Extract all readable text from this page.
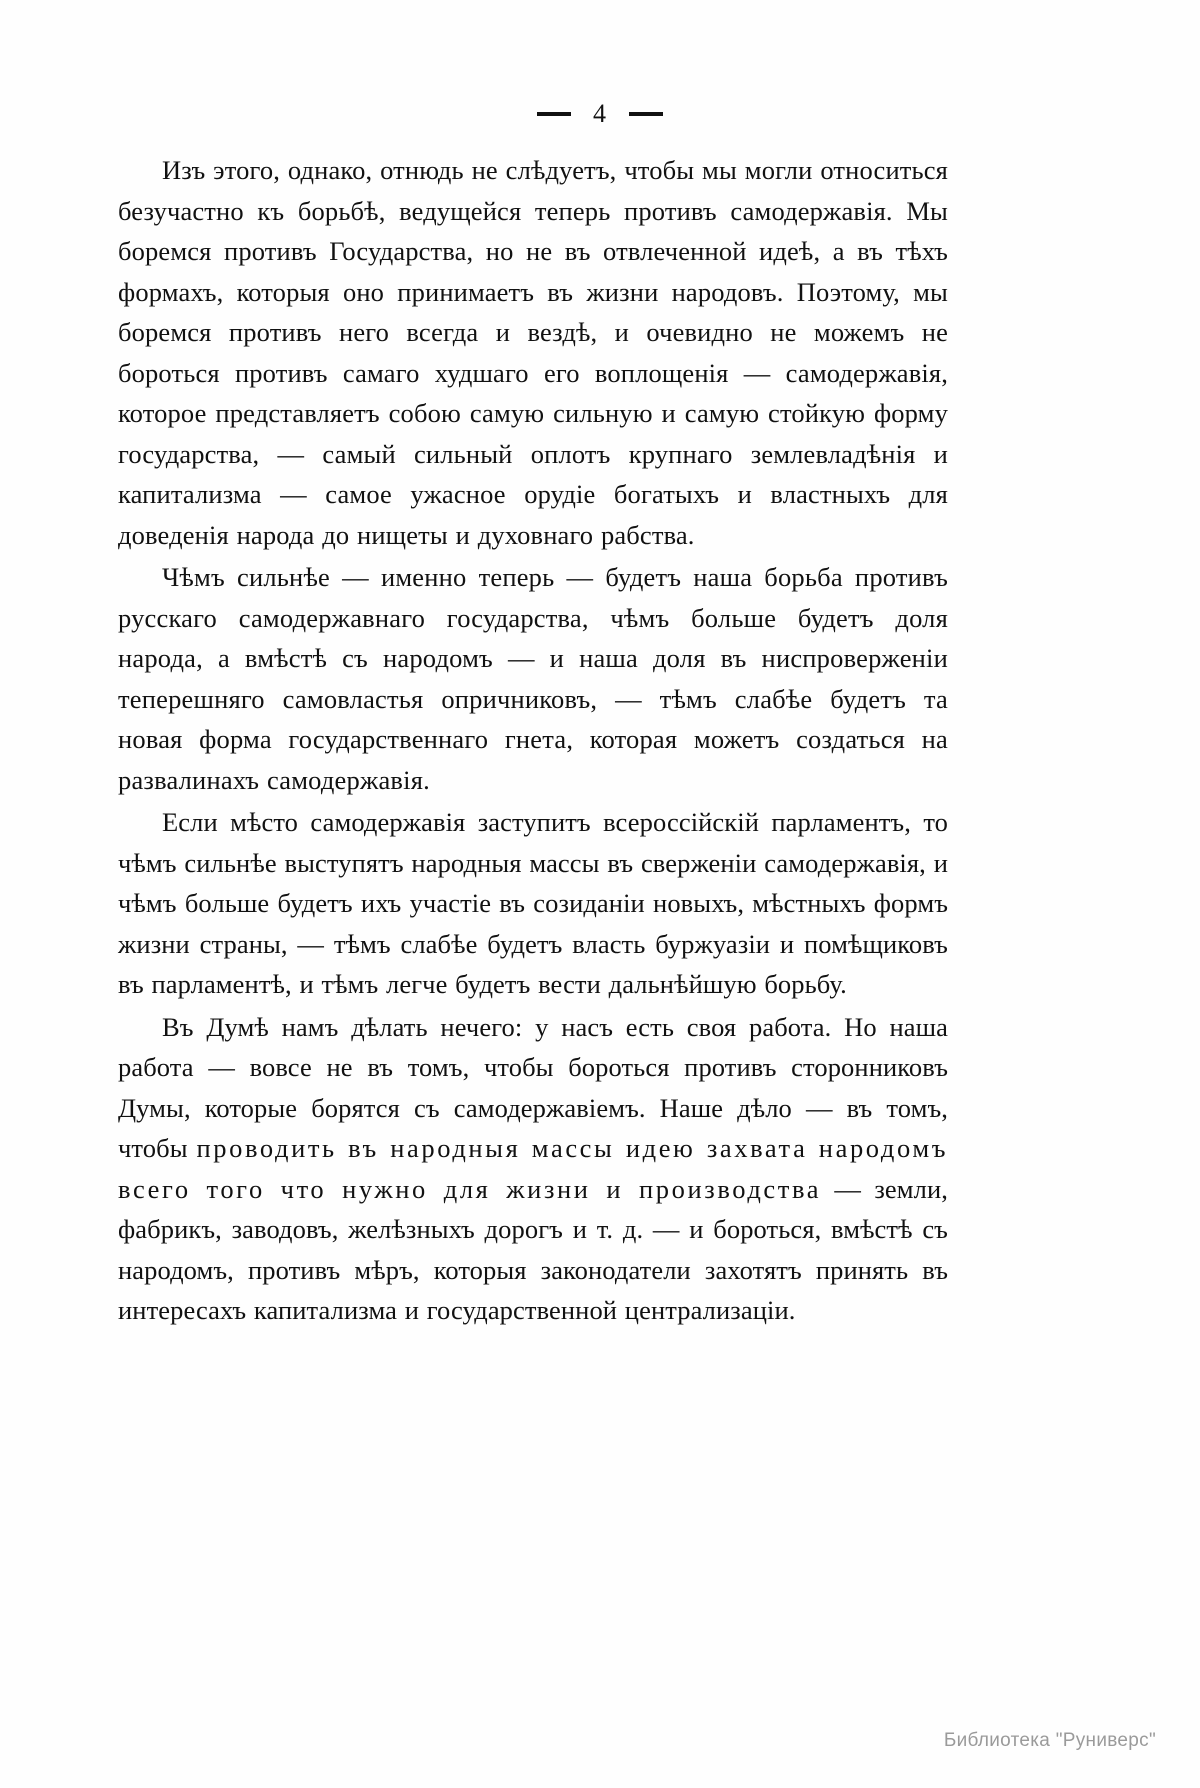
4

Изъ этого, однако, отнюдь не слѣдуетъ, чтобы мы могли относиться безучастно къ борьбѣ, ведущейся теперь противъ самодержавія. Мы боремся противъ Государства, но не въ отвлеченной идеѣ, а въ тѣхъ формахъ, которыя оно принимаетъ въ жизни народовъ. Поэтому, мы боремся противъ него всегда и вездѣ, и очевидно не можемъ не бороться противъ самаго худшаго его воплощенія — самодержавія, которое представляетъ собою самую сильную и самую стойкую форму государства, — самый сильный оплотъ крупнаго землевладѣнія и капитализма — самое ужасное орудіе богатыхъ и властныхъ для доведенія народа до нищеты и духовнаго рабства.

Чѣмъ сильнѣе — именно теперь — будетъ наша борьба противъ русскаго самодержавнаго государства, чѣмъ больше будетъ доля народа, а вмѣстѣ съ народомъ — и наша доля въ ниспроверженіи теперешняго самовластья опричниковъ, — тѣмъ слабѣе будетъ та новая форма государственнаго гнета, которая можетъ создаться на развалинахъ самодержавія.

Если мѣсто самодержавія заступитъ всероссійскій парламентъ, то чѣмъ сильнѣе выступятъ народныя массы въ сверженіи самодержавія, и чѣмъ больше будетъ ихъ участіе въ созиданіи новыхъ, мѣстныхъ формъ жизни страны, — тѣмъ слабѣе будетъ власть буржуазіи и помѣщиковъ въ парламентѣ, и тѣмъ легче будетъ вести дальнѣйшую борьбу.

Въ Думѣ намъ дѣлать нечего: у насъ есть своя работа. Но наша работа — вовсе не въ томъ, чтобы бороться противъ сторонниковъ Думы, которые борятся съ самодержавіемъ. Наше дѣло — въ томъ, чтобы проводить въ народныя массы идею захвата народомъ всего того что нужно для жизни и производства — земли, фабрикъ, заводовъ, желѣзныхъ дорогъ и т. д. — и бороться, вмѣстѣ съ народомъ, противъ мѣръ, которыя законодатели захотятъ принять въ интересахъ капитализма и государственной централизаціи.

Библиотека "Руниверс"
